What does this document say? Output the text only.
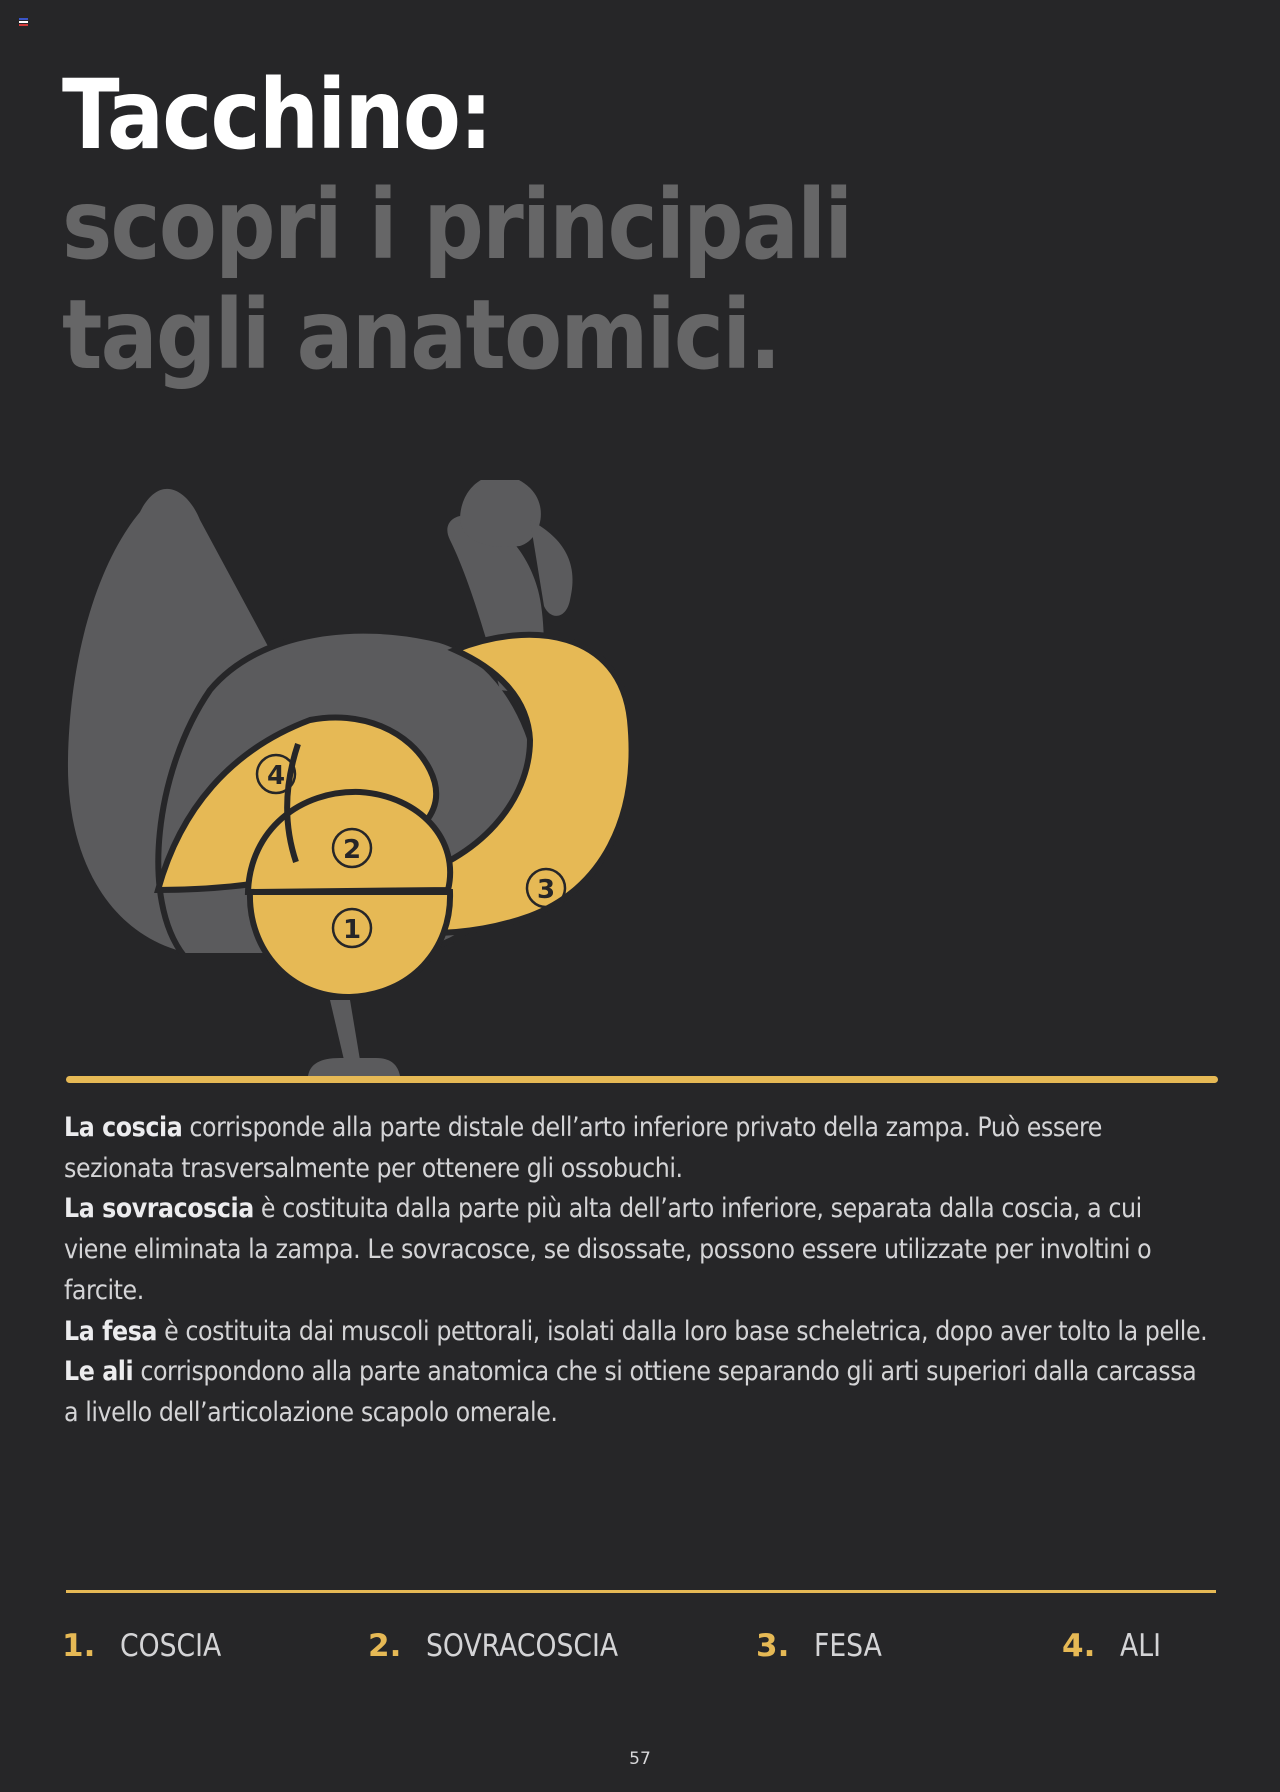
Tacchino:
scopri i principali
tagli anatomici.
1
2
3
4

La coscia corrisponde alla parte distale dell’arto inferiore privato della zampa. Può essere sezionata trasversalmente per ottenere gli ossobuchi.

La sovracoscia è costituita dalla parte più alta dell’arto inferiore, separata dalla coscia, a cui viene eliminata la zampa. Le sovracosce, se disossate, possono essere utilizzate per involtini o farcite.

La fesa è costituita dai muscoli pettorali, isolati dalla loro base scheletrica, dopo aver tolto la pelle.

Le ali corrispondono alla parte anatomica che si ottiene separando gli arti superiori dalla carcassa a livello dell’articolazione scapolo omerale.

1. COSCIA	2. SOVRACOSCIA	3. FESA	4. ALI
57
